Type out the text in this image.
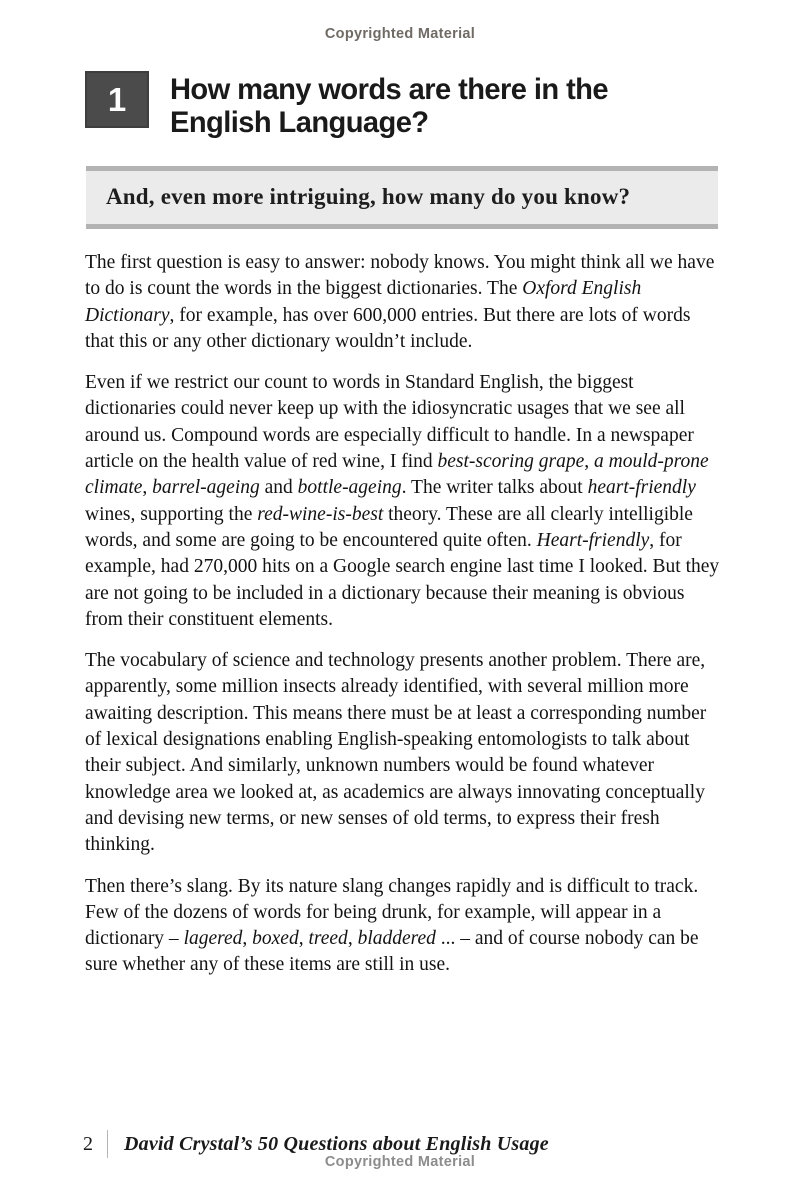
Copyrighted Material
1 How many words are there in the
English Language?
And, even more intriguing, how many do you know?

The first question is easy to answer: nobody knows. You might think all we have to do is count the words in the biggest dictionaries. The Oxford English Dictionary, for example, has over 600,000 entries. But there are lots of words that this or any other dictionary wouldn’t include.

Even if we restrict our count to words in Standard English, the biggest dictionaries could never keep up with the idiosyncratic usages that we see all around us. Compound words are especially difficult to handle. In a newspaper article on the health value of red wine, I find best-scoring grape, a mould-prone climate, barrel-ageing and bottle-ageing. The writer talks about heart-friendly wines, supporting the red-wine-is-best theory. These are all clearly intelligible words, and some are going to be encountered quite often. Heart-friendly, for example, had 270,000 hits on a Google search engine last time I looked. But they are not going to be included in a dictionary because their meaning is obvious from their constituent elements.

The vocabulary of science and technology presents another problem. There are, apparently, some million insects already identified, with several million more awaiting description. This means there must be at least a corresponding number of lexical designations enabling English-speaking entomologists to talk about their subject. And similarly, unknown numbers would be found whatever knowledge area we looked at, as academics are always innovating conceptually and devising new terms, or new senses of old terms, to express their fresh thinking.

Then there’s slang. By its nature slang changes rapidly and is difficult to track. Few of the dozens of words for being drunk, for example, will appear in a dictionary – lagered, boxed, treed, bladdered ... – and of course nobody can be sure whether any of these items are still in use.

2 David Crystal’s 50 Questions about English Usage
Copyrighted Material
